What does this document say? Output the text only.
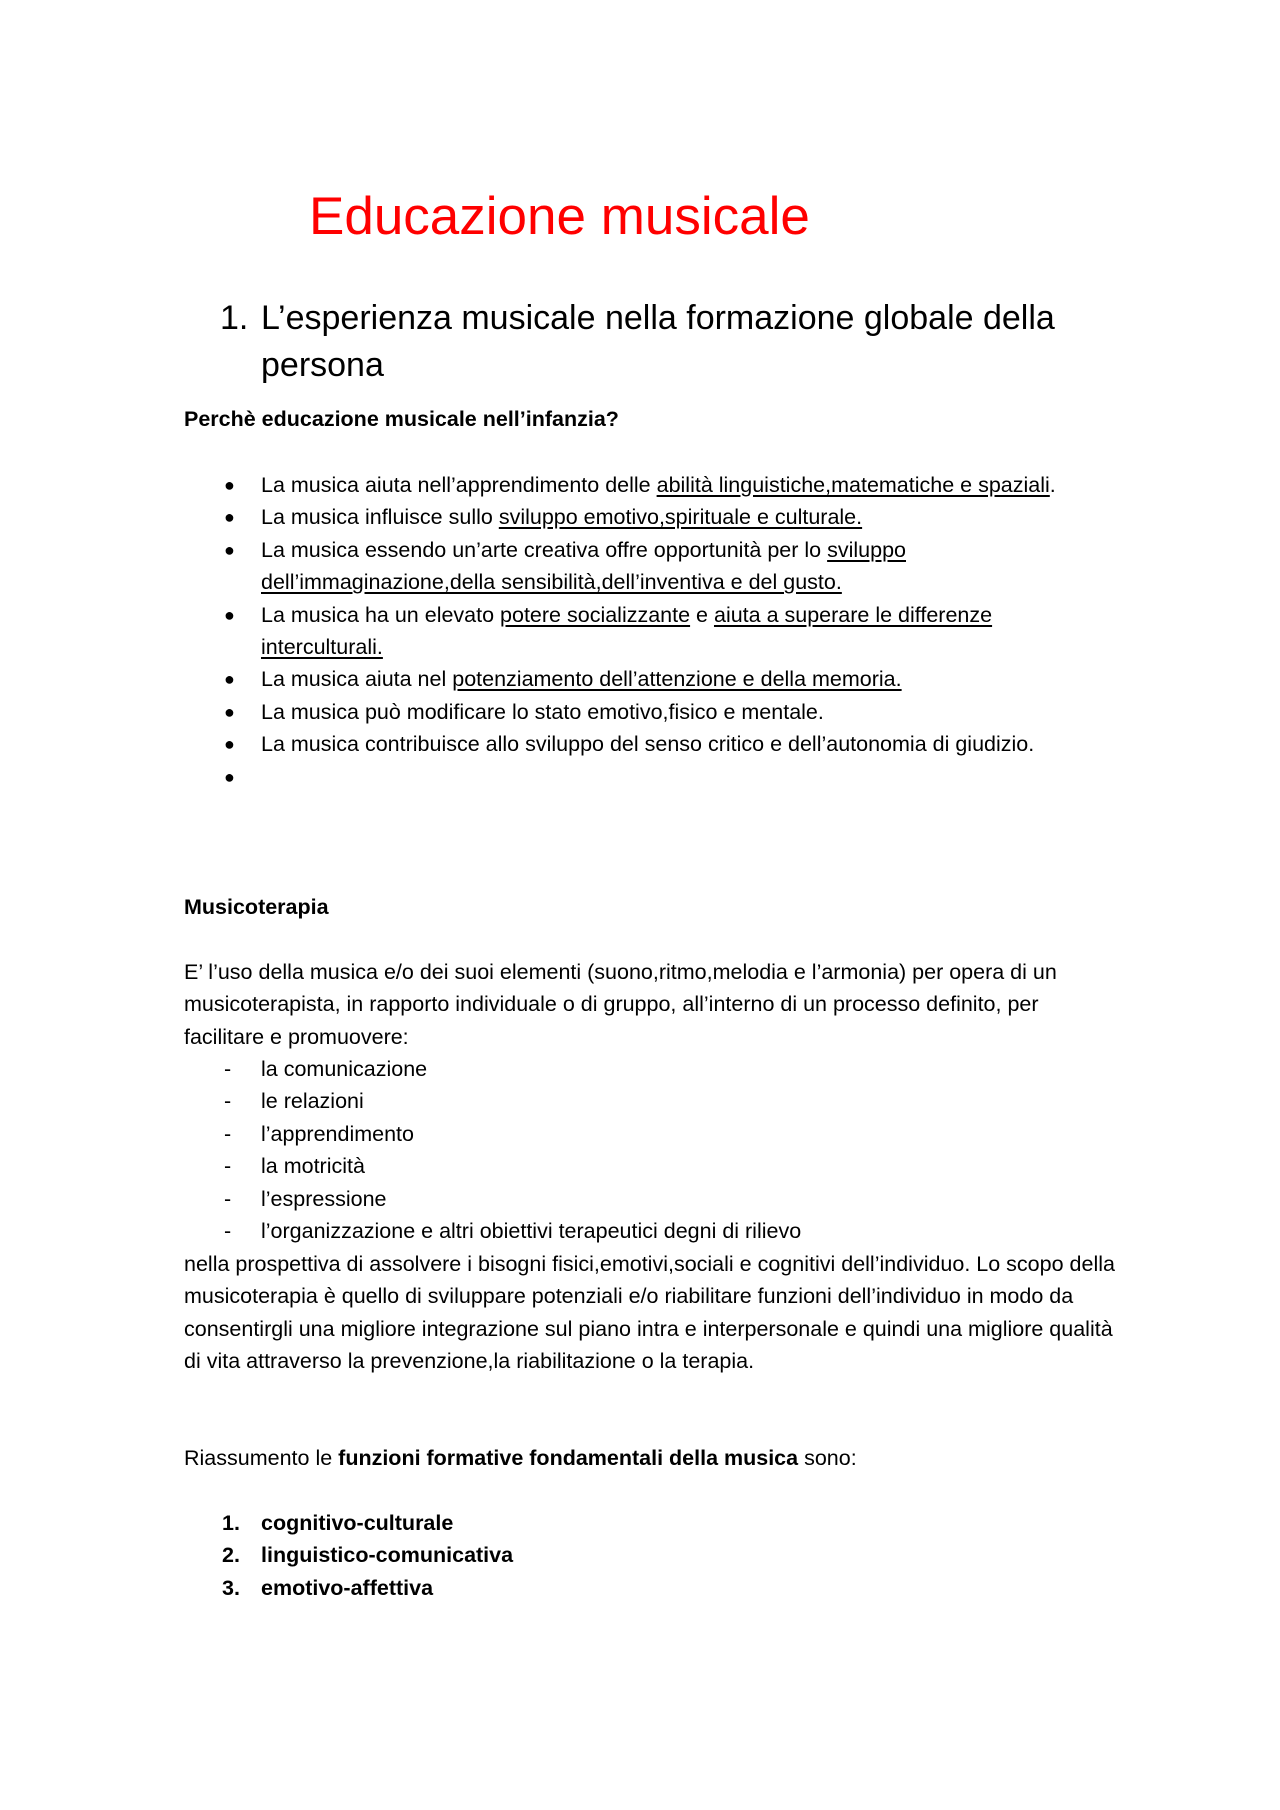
Educazione musicale
1. L’esperienza musicale nella formazione globale della persona
Perchè educazione musicale nell’infanzia?
● La musica aiuta nell’apprendimento delle abilità linguistiche,matematiche e spaziali.
● La musica influisce sullo sviluppo emotivo,spirituale e culturale.
● La musica essendo un’arte creativa offre opportunità per lo sviluppo dell’immaginazione,della sensibilità,dell’inventiva e del gusto.
● La musica ha un elevato potere socializzante e aiuta a superare le differenze interculturali.
● La musica aiuta nel potenziamento dell’attenzione e della memoria.
● La musica può modificare lo stato emotivo,fisico e mentale.
● La musica contribuisce allo sviluppo del senso critico e dell’autonomia di giudizio.
●

Musicoterapia

E’ l’uso della musica e/o dei suoi elementi (suono,ritmo,melodia e l’armonia) per opera di un musicoterapista, in rapporto individuale o di gruppo, all’interno di un processo definito, per facilitare e promuovere:

- la comunicazione
- le relazioni
- l’apprendimento
- la motricità
- l’espressione
- l’organizzazione e altri obiettivi terapeutici degni di rilievo

nella prospettiva di assolvere i bisogni fisici,emotivi,sociali e cognitivi dell’individuo. Lo scopo della musicoterapia è quello di sviluppare potenziali e/o riabilitare funzioni dell’individuo in modo da consentirgli una migliore integrazione sul piano intra e interpersonale e quindi una migliore qualità di vita attraverso la prevenzione,la riabilitazione o la terapia.

Riassumento le funzioni formative fondamentali della musica sono:

1. cognitivo-culturale
2. linguistico-comunicativa
3. emotivo-affettiva
